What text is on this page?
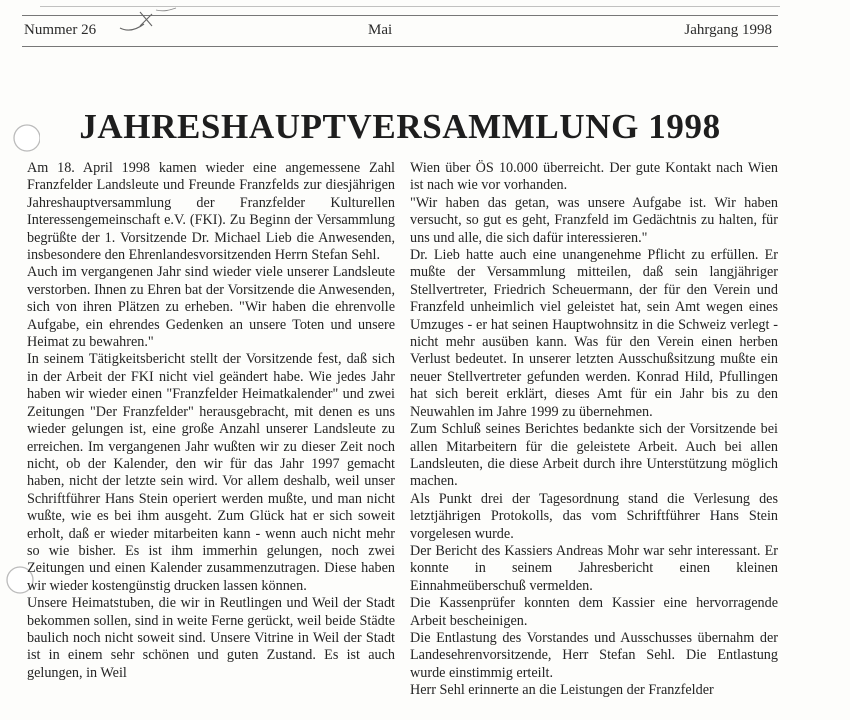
Nummer 26	Mai	Jahrgang 1998
JAHRESHAUPTVERSAMMLUNG 1998

Am 18. April 1998 kamen wieder eine angemessene Zahl Franzfelder Landsleute und Freunde Franzfelds zur diesjährigen Jahreshauptversammlung der Franzfelder Kulturellen Interessengemeinschaft e.V. (FKI). Zu Beginn der Versammlung begrüßte der 1. Vorsitzende Dr. Michael Lieb die Anwesenden, insbesondere den Ehrenlandesvorsitzenden Herrn Stefan Sehl.

Auch im vergangenen Jahr sind wieder viele unserer Landsleute verstorben. Ihnen zu Ehren bat der Vorsitzende die Anwesenden, sich von ihren Plätzen zu erheben. "Wir haben die ehrenvolle Aufgabe, ein ehrendes Gedenken an unsere Toten und unsere Heimat zu bewahren."

In seinem Tätigkeitsbericht stellt der Vorsitzende fest, daß sich in der Arbeit der FKI nicht viel geändert habe. Wie jedes Jahr haben wir wieder einen "Franzfelder Heimatkalender" und zwei Zeitungen "Der Franzfelder" herausgebracht, mit denen es uns wieder gelungen ist, eine große Anzahl unserer Landsleute zu erreichen. Im vergangenen Jahr wußten wir zu dieser Zeit noch nicht, ob der Kalender, den wir für das Jahr 1997 gemacht haben, nicht der letzte sein wird. Vor allem deshalb, weil unser Schriftführer Hans Stein operiert werden mußte, und man nicht wußte, wie es bei ihm ausgeht. Zum Glück hat er sich soweit erholt, daß er wieder mitarbeiten kann - wenn auch nicht mehr so wie bisher. Es ist ihm immerhin gelungen, noch zwei Zeitungen und einen Kalender zusammenzutragen. Diese haben wir wieder kostengünstig drucken lassen können.

Unsere Heimatstuben, die wir in Reutlingen und Weil der Stadt bekommen sollen, sind in weite Ferne gerückt, weil beide Städte baulich noch nicht soweit sind. Unsere Vitrine in Weil der Stadt ist in einem sehr schönen und guten Zustand. Es ist auch gelungen, in Weil

Wien über ÖS 10.000 überreicht. Der gute Kontakt nach Wien ist nach wie vor vorhanden.

"Wir haben das getan, was unsere Aufgabe ist. Wir haben versucht, so gut es geht, Franzfeld im Gedächtnis zu halten, für uns und alle, die sich dafür interessieren."

Dr. Lieb hatte auch eine unangenehme Pflicht zu erfüllen. Er mußte der Versammlung mitteilen, daß sein langjähriger Stellvertreter, Friedrich Scheuermann, der für den Verein und Franzfeld unheimlich viel geleistet hat, sein Amt wegen eines Umzuges - er hat seinen Hauptwohnsitz in die Schweiz verlegt - nicht mehr ausüben kann. Was für den Verein einen herben Verlust bedeutet. In unserer letzten Ausschußsitzung mußte ein neuer Stellvertreter gefunden werden. Konrad Hild, Pfullingen hat sich bereit erklärt, dieses Amt für ein Jahr bis zu den Neuwahlen im Jahre 1999 zu übernehmen.

Zum Schluß seines Berichtes bedankte sich der Vorsitzende bei allen Mitarbeitern für die geleistete Arbeit. Auch bei allen Landsleuten, die diese Arbeit durch ihre Unterstützung möglich machen.

Als Punkt drei der Tagesordnung stand die Verlesung des letztjährigen Protokolls, das vom Schriftführer Hans Stein vorgelesen wurde.

Der Bericht des Kassiers Andreas Mohr war sehr interessant. Er konnte in seinem Jahresbericht einen kleinen Einnahmeüberschuß vermelden.

Die Kassenprüfer konnten dem Kassier eine hervorragende Arbeit bescheinigen.

Die Entlastung des Vorstandes und Ausschusses übernahm der Landesehrenvorsitzende, Herr Stefan Sehl. Die Entlastung wurde einstimmig erteilt.

Herr Sehl erinnerte an die Leistungen der Franzfelder
